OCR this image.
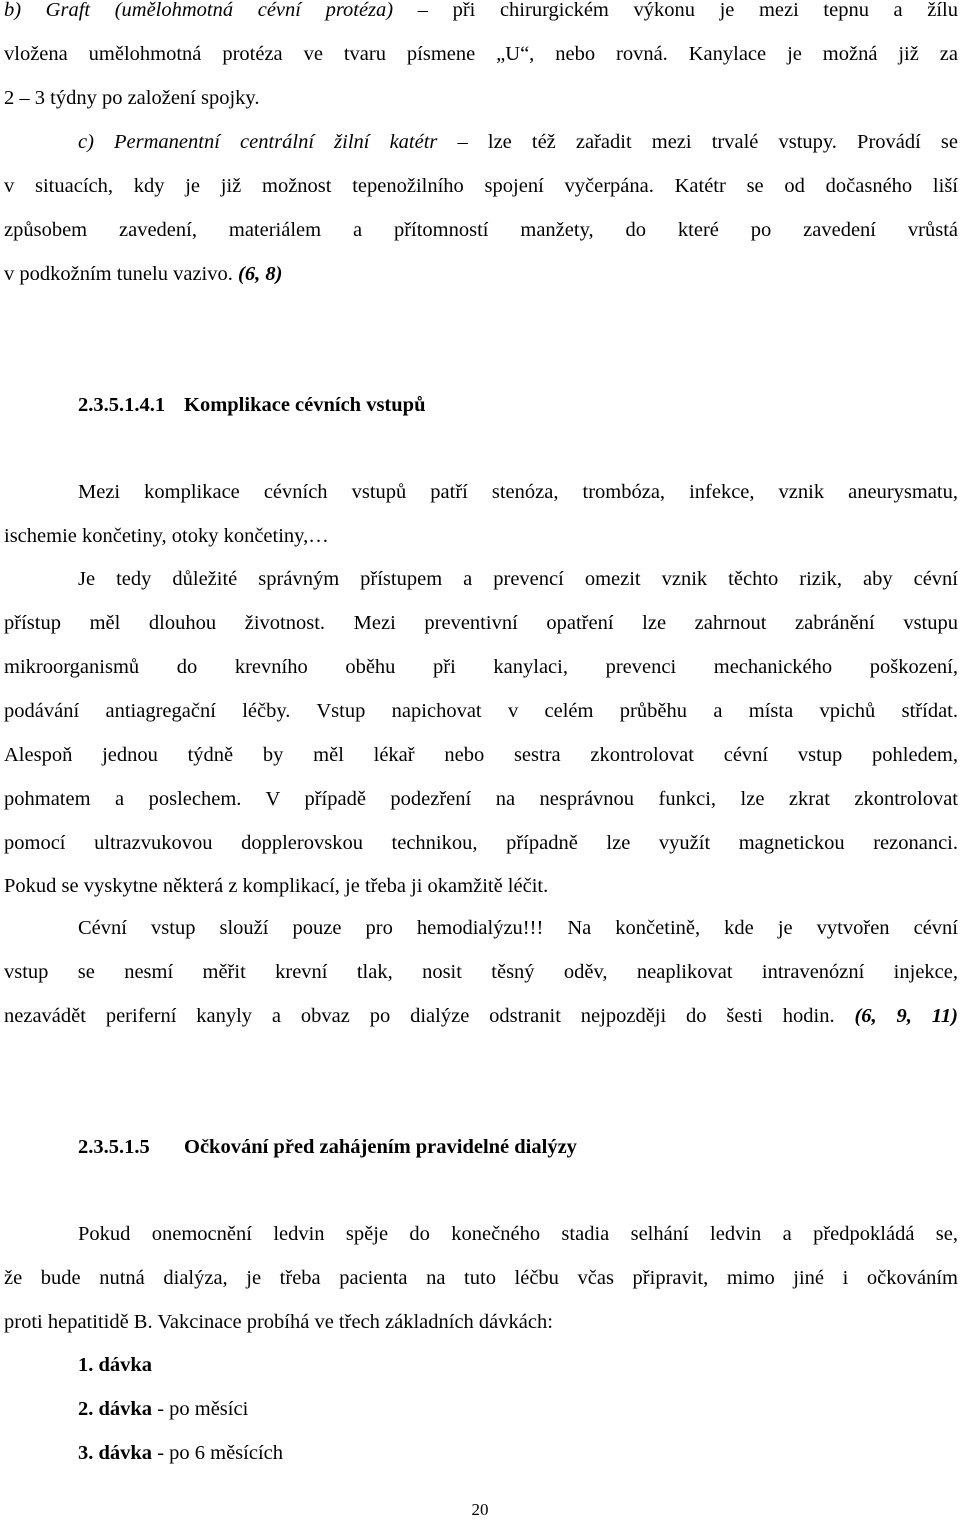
b) Graft (umělohmotná cévní protéza) – při chirurgickém výkonu je mezi tepnu a žílu
vložena umělohmotná protéza ve tvaru písmene „U“, nebo rovná. Kanylace je možná již za
2 – 3 týdny po založení spojky.
c) Permanentní centrální žilní katétr – lze též zařadit mezi trvalé vstupy. Provádí se
v situacích, kdy je již možnost tepenožilního spojení vyčerpána. Katétr se od dočasného liší
způsobem zavedení, materiálem a přítomností manžety, do které po zavedení vrůstá
v podkožním tunelu vazivo. (6, 8)
2.3.5.1.4.1 Komplikace cévních vstupů
Mezi komplikace cévních vstupů patří stenóza, trombóza, infekce, vznik aneurysmatu,
ischemie končetiny, otoky končetiny,…
Je tedy důležité správným přístupem a prevencí omezit vznik těchto rizik, aby cévní
přístup měl dlouhou životnost. Mezi preventivní opatření lze zahrnout zabránění vstupu
mikroorganismů do krevního oběhu při kanylaci, prevenci mechanického poškození,
podávání antiagregační léčby. Vstup napichovat v celém průběhu a místa vpichů střídat.
Alespoň jednou týdně by měl lékař nebo sestra zkontrolovat cévní vstup pohledem,
pohmatem a poslechem. V případě podezření na nesprávnou funkci, lze zkrat zkontrolovat
pomocí ultrazvukovou dopplerovskou technikou, případně lze využít magnetickou rezonanci.
Pokud se vyskytne některá z komplikací, je třeba ji okamžitě léčit.
Cévní vstup slouží pouze pro hemodialýzu!!! Na končetině, kde je vytvořen cévní
vstup se nesmí měřit krevní tlak, nosit těsný oděv, neaplikovat intravenózní injekce,
nezavádět periferní kanyly a obvaz po dialýze odstranit nejpozději do šesti hodin. (6, 9, 11)
2.3.5.1.5 Očkování před zahájením pravidelné dialýzy
Pokud onemocnění ledvin spěje do konečného stadia selhání ledvin a předpokládá se,
že bude nutná dialýza, je třeba pacienta na tuto léčbu včas připravit, mimo jiné i očkováním
proti hepatitidě B. Vakcinace probíhá ve třech základních dávkách:
1. dávka
2. dávka - po měsíci
3. dávka - po 6 měsících
20
